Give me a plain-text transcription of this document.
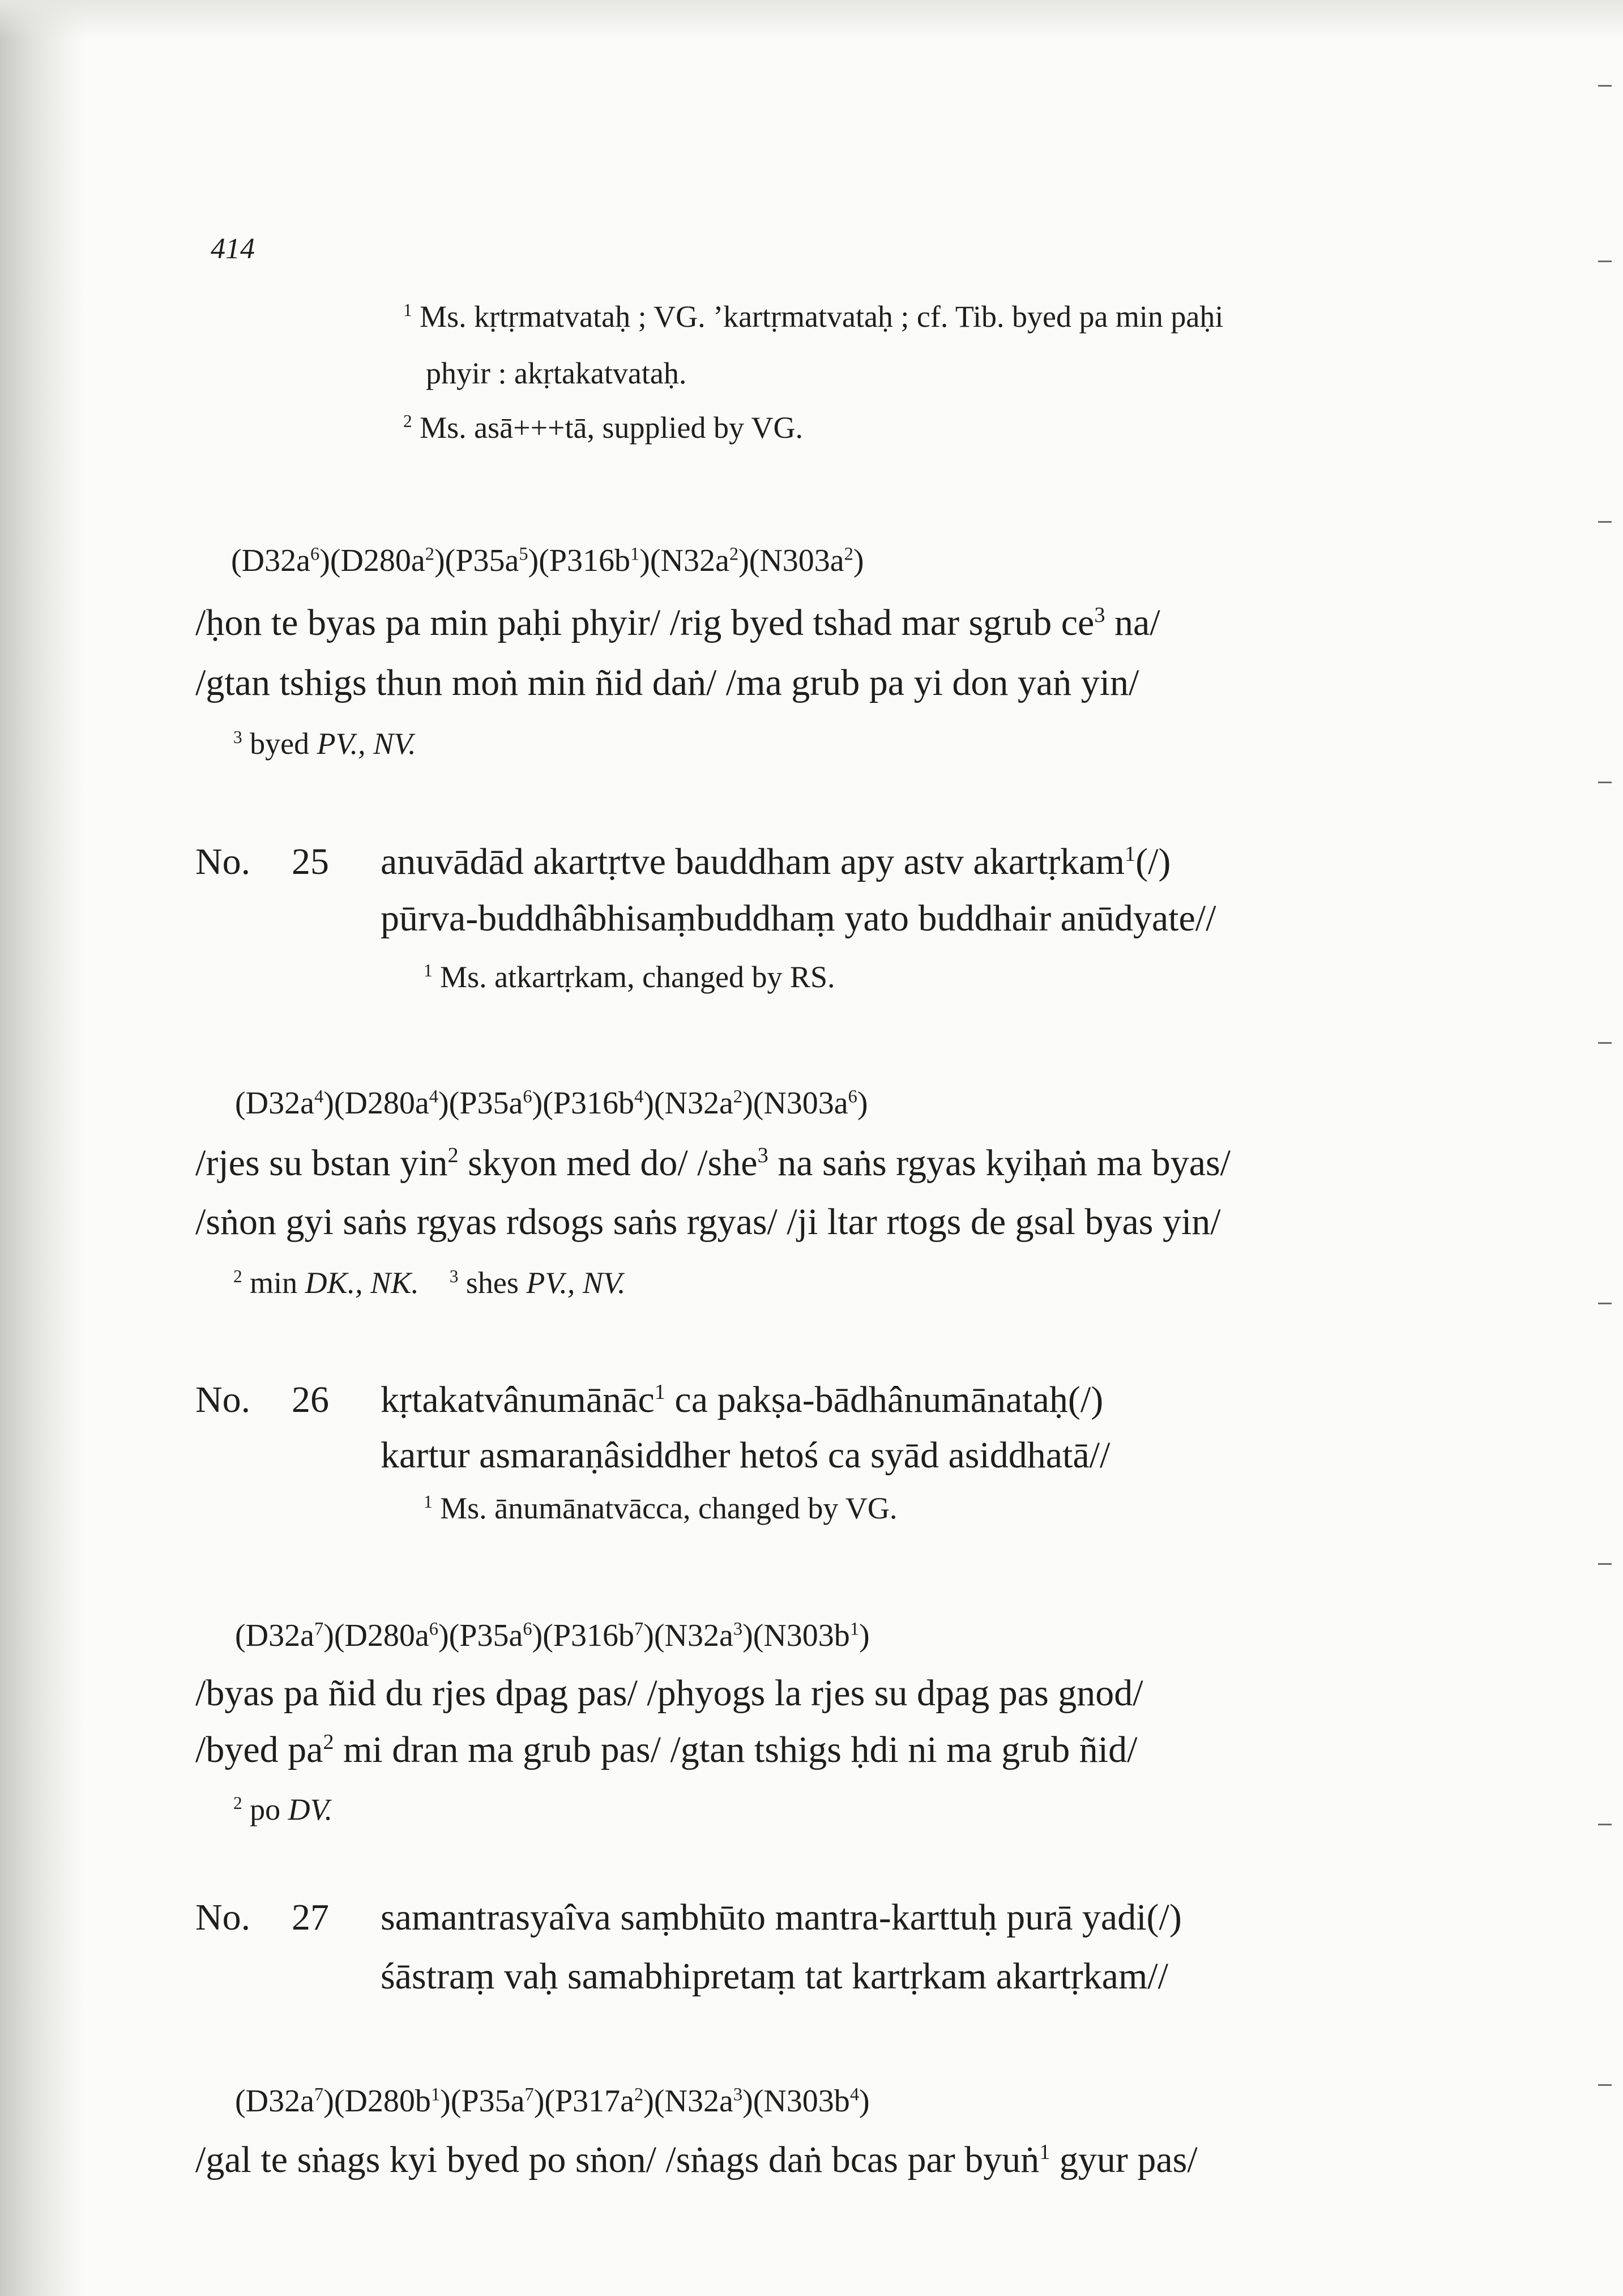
414
$^1$ Ms. kṛtṛmatvataḥ ; VG. ’kartṛmatvataḥ ; cf. Tib. byed pa min paḥi
phyir : akṛtakatvataḥ.
$^2$ Ms. asā+++tā, supplied by VG.
$(D32a^6)(D280a^2)(P35a^5)(P316b^1)(N32a^2)(N303a^2)$
/ḥon te byas pa min paḥi phyir/ /rig byed tshad mar sgrub $ce^3$ na/
/gtan tshigs thun moṅ min ñid daṅ/ /ma grub pa yi don yaṅ yin/
$^3$ byed PV., NV.
No. 25 anuvādād akartṛtve bauddham apy astv akartṛkam$^1$(/)
pūrva-buddhâbhisaṃbuddhaṃ yato buddhair anūdyate//
$^1$ Ms. atkartṛkam, changed by RS.
$(D32a^4)(D280a^4)(P35a^6)(P316b^4)(N32a^2)(N303a^6)$
/rjes su bstan yin$^2$ skyon med do/ /she$^3$ na saṅs rgyas kyiḥaṅ ma byas/
/sṅon gyi saṅs rgyas rdsogs saṅs rgyas/ /ji ltar rtogs de gsal byas yin/
$^2$ min DK., NK. $^3$ shes PV., NV.
No. 26 kṛtakatvânumānāc$^1$ ca pakṣa-bādhânumānataḥ(/)
kartur asmaraṇâsiddher hetoś ca syād asiddhatā//
$^1$ Ms. ānumānatvācca, changed by VG.
$(D32a^7)(D280a^6)(P35a^6)(P316b^7)(N32a^3)(N303b^1)$
/byas pa ñid du rjes dpag pas/ /phyogs la rjes su dpag pas gnod/
/byed $pa^2$ mi dran ma grub pas/ /gtan tshigs ḥdi ni ma grub ñid/
$^2$ po DV.
No. 27 samantrasyaîva saṃbhūto mantra-karttuḥ purā yadi(/)
śāstraṃ vaḥ samabhipretaṃ tat kartṛkam akartṛkam//
$(D32a^7)(D280b^1)(P35a^7)(P317a^2)(N32a^3)(N303b^4)$
/gal te sṅags kyi byed po sṅon/ /sṅags daṅ bcas par byuṅ$^1$ gyur pas/
